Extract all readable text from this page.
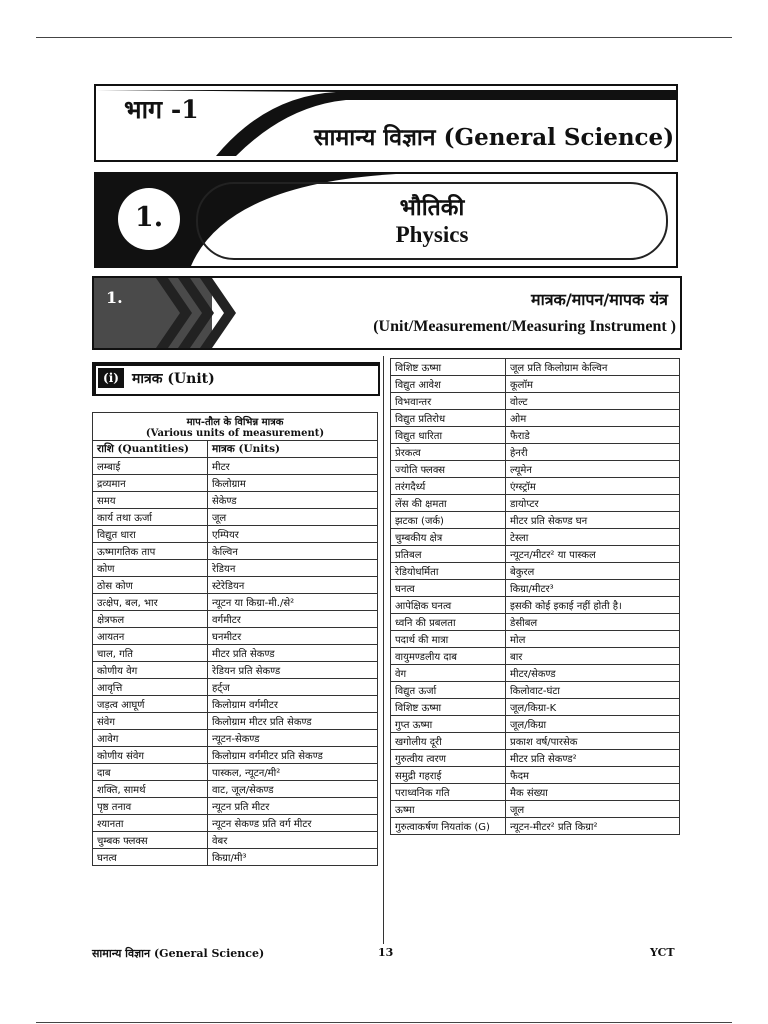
भाग -1
सामान्य विज्ञान (General Science)
1.	भौतिकी
Physics
1.	मात्रक/मापन/मापक यंत्र
(Unit/Measurement/Measuring Instrument )
(i) मात्रक (Unit)
माप-तौल के विभिन्न मात्रक
(Various units of measurement)	

राशि (Quantities)	मात्रक (Units)
लम्बाई	मीटर
द्रव्यमान	किलोग्राम
समय	सेकेण्ड
कार्य तथा ऊर्जा	जूल
विद्युत धारा	एम्पियर
ऊष्मागतिक ताप	केल्विन
कोण	रेडियन
ठोस कोण	स्टेरेडियन
उत्क्षेप, बल, भार	न्यूटन या किग्रा-मी./से²
क्षेत्रफल	वर्गमीटर
आयतन	घनमीटर
चाल, गति	मीटर प्रति सेकण्ड
कोणीय वेग	रेडियन प्रति सेकण्ड
आवृत्ति	हर्ट्ज
जड़त्व आघूर्ण	किलोग्राम वर्गमीटर
संवेग	किलोग्राम मीटर प्रति सेकण्ड
आवेग	न्यूटन-सेकण्ड
कोणीय संवेग	किलोग्राम वर्गमीटर प्रति सेकण्ड
दाब	पास्कल, न्यूटन/मी²
शक्ति, सामर्थ	वाट, जूल/सेकण्ड
पृष्ठ तनाव	न्यूटन प्रति मीटर
श्यानता	न्यूटन सेकण्ड प्रति वर्ग मीटर
चुम्बक फ्लक्स	वेबर
घनत्व	किग्रा/मी³
विशिष्ट ऊष्मा	जूल प्रति किलोग्राम केल्विन
विद्युत आवेश	कूलॉम
विभवान्तर	वोल्ट
विद्युत प्रतिरोध	ओम
विद्युत धारिता	फैराडे
प्रेरकत्व	हेनरी
ज्योति फ्लक्स	ल्यूमेन
तरंगदैर्ध्य	एंग्स्ट्रॉम
लेंस की क्षमता	डायोप्टर
झटका (जर्क)	मीटर प्रति सेकण्ड घन
चुम्बकीय क्षेत्र	टेस्ला
प्रतिबल	न्यूटन/मीटर² या पास्कल
रेडियोधर्मिता	बेकुरल
घनत्व	किग्रा/मीटर³
आपेक्षिक घनत्व	इसकी कोई इकाई नहीं होती है।
ध्वनि की प्रबलता	डेसीबल
पदार्थ की मात्रा	मोल
वायुमण्डलीय दाब	बार
वेग	मीटर/सेकण्ड
विद्युत ऊर्जा	किलोवाट-घंटा
विशिष्ट ऊष्मा	जूल/किग्रा-K
गुप्त ऊष्मा	जूल/किग्रा
खगोलीय दूरी	प्रकाश वर्ष/पारसेक
गुरुत्वीय त्वरण	मीटर प्रति सेकण्ड²
समुद्री गहराई	फैदम
पराध्वनिक गति	मैक संख्या
ऊष्मा	जूल
गुरुत्वाकर्षण नियतांक (G)	न्यूटन-मीटर² प्रति किग्रा²
सामान्य विज्ञान (General Science)	13	YCT
